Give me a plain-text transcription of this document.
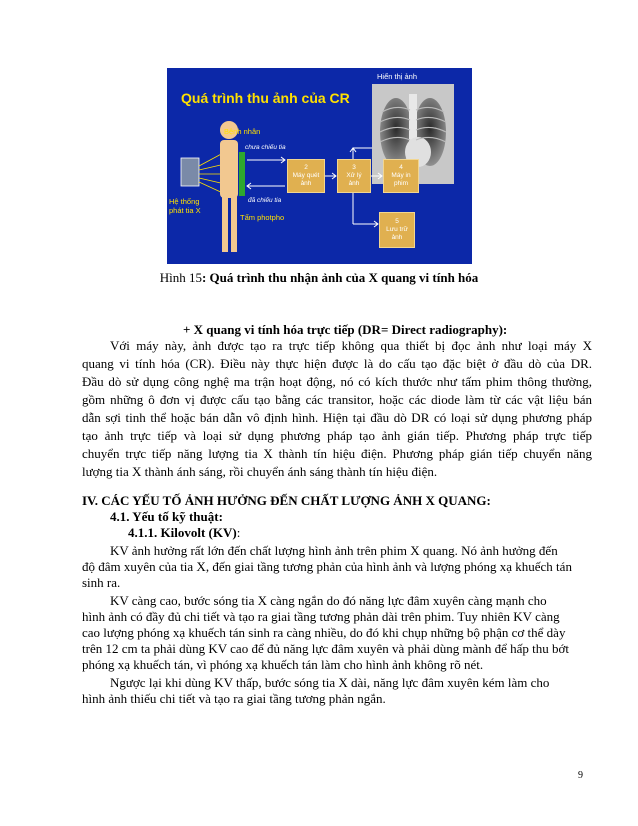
Quá trình thu ảnh của CR
Hiển thị ảnh
Bệnh nhân
Hệ thống
phát tia X
chưa chiếu tia
đã chiếu tia
Tấm photpho
2
Máy quét
ảnh
3
Xử lý
ảnh
4
Máy in
phim
5
Lưu trữ
ảnh
Hình 15: Quá trình thu nhận ảnh của X quang vi tính hóa
+ X quang vi tính hóa trực tiếp (DR= Direct radiography):
Với máy này, ảnh được tạo ra trực tiếp không qua thiết bị đọc ảnh như loại máy X
quang vi tính hóa (CR). Điều này thực hiện được là do cấu tạo đặc biệt ở đầu dò của DR.
Đầu dò sử dụng công nghệ ma trận hoạt động, nó có kích thước như tấm phim thông thường,
gồm những ô đơn vị được cấu tạo bằng các transitor, hoặc các diode làm từ các vật liệu bán
dẫn sợi tinh thể hoặc bán dẫn vô định hình. Hiện tại đầu dò DR có loại sử dụng phương pháp
tạo ảnh trực tiếp và loại sử dụng phương pháp tạo ảnh gián tiếp. Phương pháp trực tiếp
chuyển trực tiếp năng lượng tia X thành tín hiệu điện. Phương pháp gián tiếp chuyển năng
lượng tia X thành ánh sáng, rồi chuyển ánh sáng thành tín hiệu điện.
IV. CÁC YẾU TỐ ẢNH HƯỞNG ĐẾN CHẤT LƯỢNG ẢNH X QUANG:
4.1. Yếu tố kỹ thuật:
4.1.1. Kilovolt (KV):
KV ảnh hưởng rất lớn đến chất lượng hình ảnh trên phim X quang. Nó ảnh hưởng đến
độ đâm xuyên của tia X, đến giai tầng tương phản của hình ảnh và lượng phóng xạ khuếch tán
sinh ra.
KV càng cao, bước sóng tia X càng ngắn do đó năng lực đâm xuyên càng mạnh cho
hình ảnh có đầy đủ chi tiết và tạo ra giai tầng tương phản dài trên phim. Tuy nhiên KV càng
cao lượng phóng xạ khuếch tán sinh ra càng nhiều, do đó khi chụp những bộ phận cơ thể dày
trên 12 cm ta phải dùng KV cao để đủ năng lực đâm xuyên và phải dùng mành để hấp thu bớt
phóng xạ khuếch tán, vì phóng xạ khuếch tán làm cho hình ảnh không rõ nét.
Ngược lại khi dùng KV thấp, bước sóng tia X dài, năng lực đâm xuyên kém làm cho
hình ảnh thiếu chi tiết và tạo ra giai tầng tương phản ngắn.
9
